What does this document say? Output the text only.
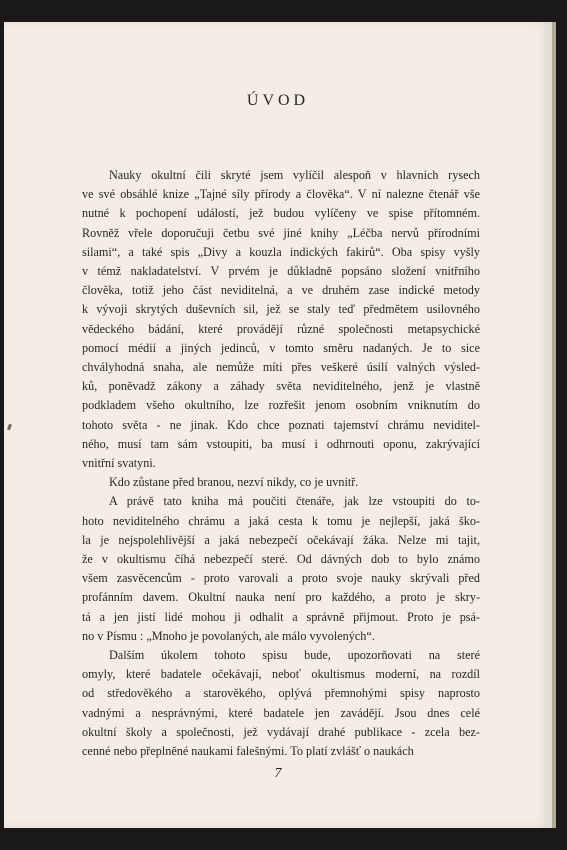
ÚVOD

Nauky okultní čili skryté jsem vylíčil alespoň v hlavních rysech
ve své obsáhlé knize „Tajné síly přírody a člověka“. V ní nalezne čtenář vše
nutné k pochopení událostí, jež budou vylíčeny ve spise přítomném.
Rovněž vřele doporučuji četbu své jiné knihy „Léčba nervů přírodními
silami“, a také spis „Divy a kouzla indických fakirů“. Oba spisy vyšly
v témž nakladatelství. V prvém je důkladně popsáno složení vnitřního
člověka, totiž jeho část neviditelná, a ve druhém zase indické metody
k vývoji skrytých duševních sil, jež se staly teď předmětem usilovného
vědeckého bádání, které provádějí různé společnosti metapsychické
pomocí médií a jiných jedinců, v tomto směru nadaných. Je to sice
chvályhodná snaha, ale nemůže míti přes veškeré úsilí valných výsled-
ků, poněvadž zákony a záhady světa neviditelného, jenž je vlastně
podkladem všeho okultního, lze rozřešit jenom osobním vniknutím do
tohoto světa - ne jinak. Kdo chce poznati tajemství chrámu neviditel-
ného, musí tam sám vstoupiti, ba musí i odhrnouti oponu, zakrývající
vnitřní svatyni.

Kdo zůstane před branou, nezví nikdy, co je uvnitř.

A právě tato kniha má poučiti čtenáře, jak lze vstoupiti do to-
hoto neviditelného chrámu a jaká cesta k tomu je nejlepší, jaká ško-
la je nejspolehlivější a jaká nebezpečí očekávají žáka. Nelze mi tajit,
že v okultismu číhá nebezpečí steré. Od dávných dob to bylo známo
všem zasvěcencům - proto varovali a proto svoje nauky skrývali před
profánním davem. Okultní nauka není pro každého, a proto je skry-
tá a jen jistí lidé mohou ji odhalit a správně přijmout. Proto je psá-
no v Písmu : „Mnoho je povolaných, ale málo vyvolených“.

Dalším úkolem tohoto spisu bude, upozorňovati na steré
omyly, které badatele očekávají, neboť okultismus moderní, na rozdíl
od středověkého a starověkého, oplývá přemnohými spisy naprosto
vadnými a nesprávnými, které badatele jen zavádějí. Jsou dnes celé
okultní školy a společnosti, jež vydávají drahé publikace - zcela bez-
cenné nebo přeplněné naukami falešnými. To platí zvlášť o naukách

7
